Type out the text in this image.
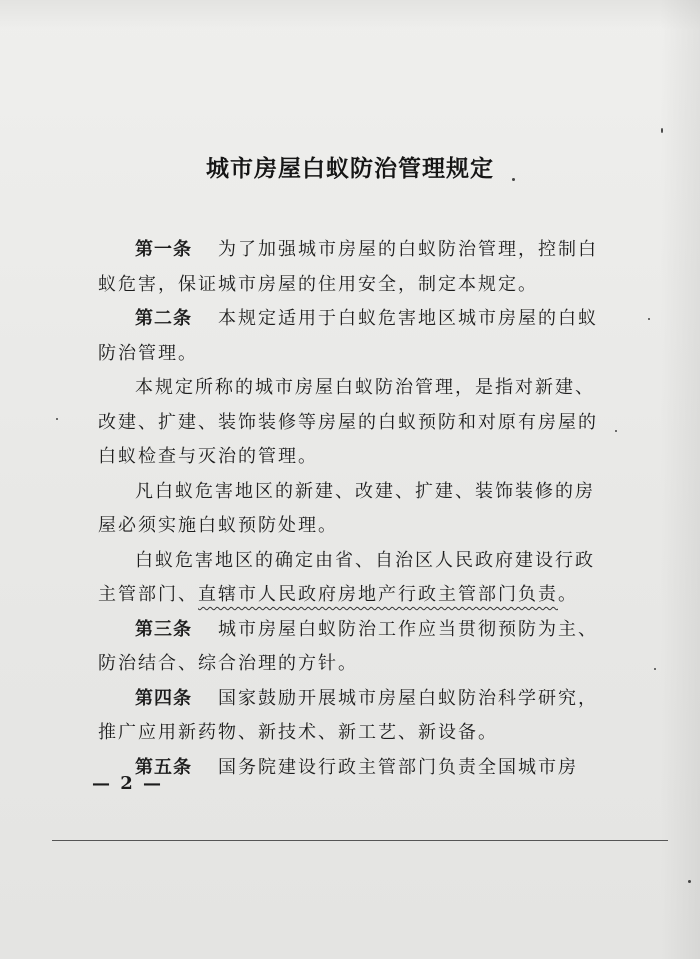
城市房屋白蚁防治管理规定

第一条 为了加强城市房屋的白蚁防治管理，控制白蚁危害，保证城市房屋的住用安全，制定本规定。

第二条 本规定适用于白蚁危害地区城市房屋的白蚁防治管理。

本规定所称的城市房屋白蚁防治管理，是指对新建、改建、扩建、装饰装修等房屋的白蚁预防和对原有房屋的白蚁检查与灭治的管理。

凡白蚁危害地区的新建、改建、扩建、装饰装修的房屋必须实施白蚁预防处理。

白蚁危害地区的确定由省、自治区人民政府建设行政主管部门、直辖市人民政府房地产行政主管部门负责。

第三条 城市房屋白蚁防治工作应当贯彻预防为主、防治结合、综合治理的方针。

第四条 国家鼓励开展城市房屋白蚁防治科学研究，推广应用新药物、新技术、新工艺、新设备。

第五条 国务院建设行政主管部门负责全国城市房

— 2 —
